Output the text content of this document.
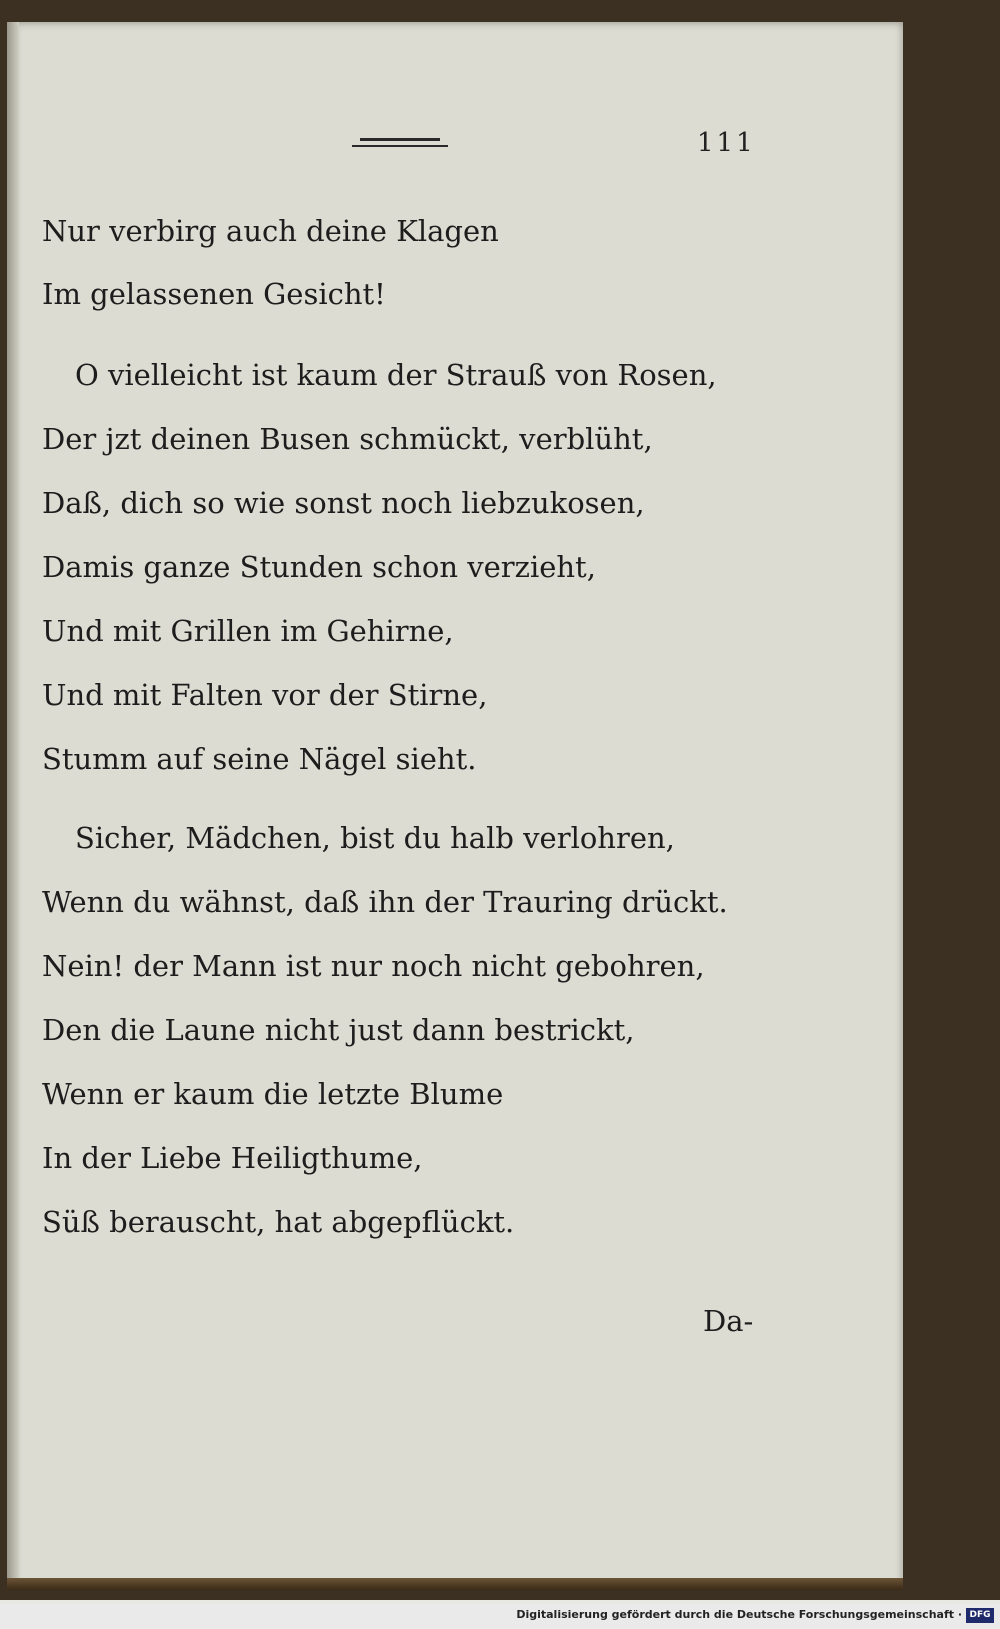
111
Nur verbirg auch deine Klagen
Im gelassenen Gesicht!
O vielleicht ist kaum der Strauß von Rosen,
Der jzt deinen Busen schmückt, verblüht,
Daß, dich so wie sonst noch liebzukosen,
Damis ganze Stunden schon verzieht,
Und mit Grillen im Gehirne,
Und mit Falten vor der Stirne,
Stumm auf seine Nägel sieht.
Sicher, Mädchen, bist du halb verlohren,
Wenn du wähnst, daß ihn der Trauring drückt.
Nein! der Mann ist nur noch nicht gebohren,
Den die Laune nicht just dann bestrickt,
Wenn er kaum die letzte Blume
In der Liebe Heiligthume,
Süß berauscht, hat abgepflückt.
Da-
Digitalisierung gefördert durch die Deutsche Forschungsgemeinschaft · DFG
